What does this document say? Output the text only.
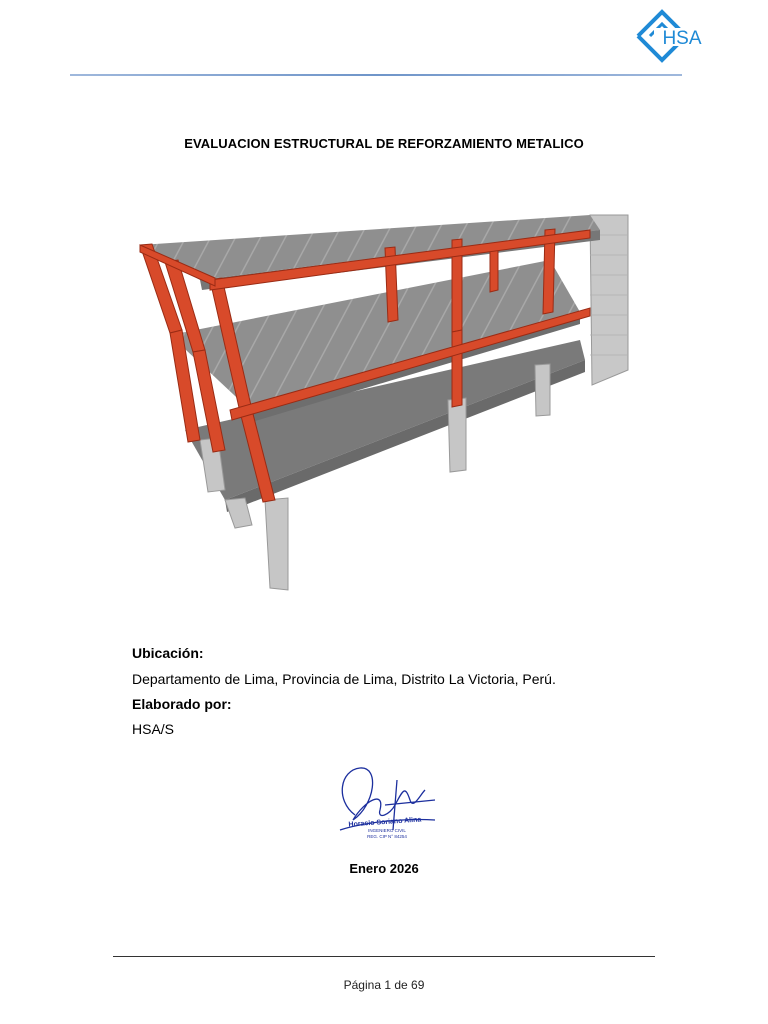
HSA
EVALUACION ESTRUCTURAL DE REFORZAMIENTO METALICO
Ubicación:
Departamento de Lima, Provincia de Lima, Distrito La Victoria, Perú.
Elaborado por:
HSA/S
Horacio Soriano Alina
INGENIERO CIVIL
REG. CIP N° 84254
Enero 2026
Página 1 de 69
